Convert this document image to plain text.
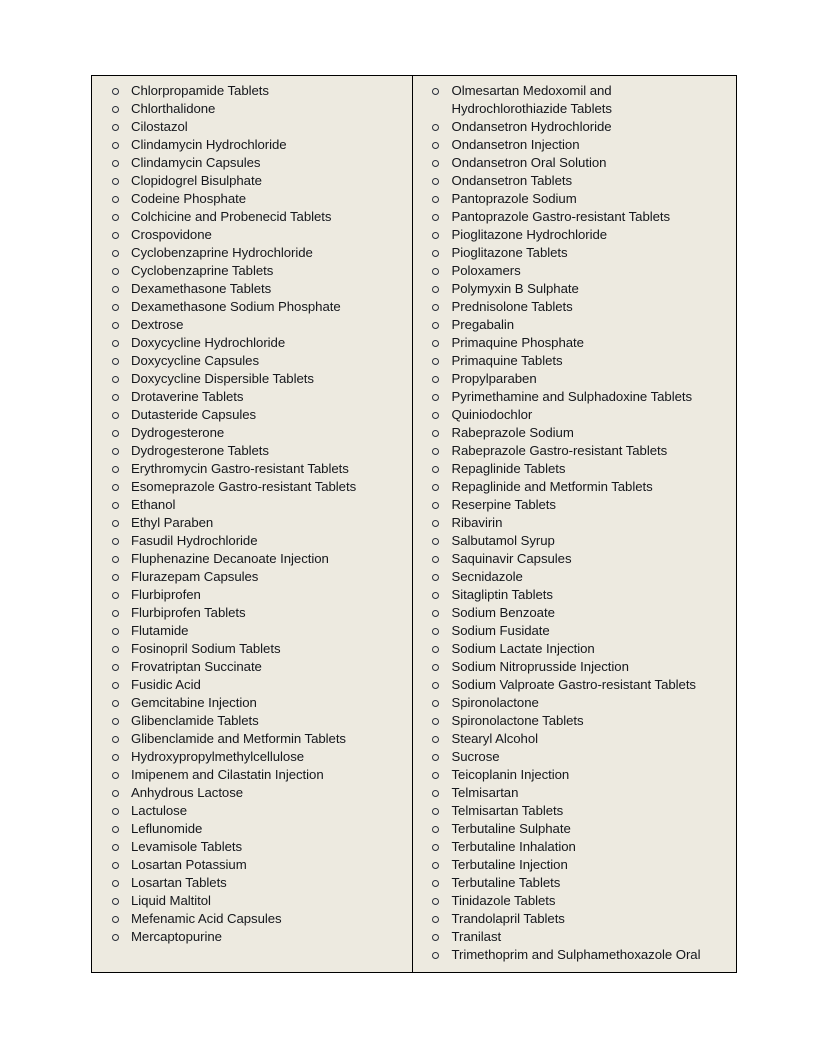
Chlorpropamide Tablets
Chlorthalidone
Cilostazol
Clindamycin Hydrochloride
Clindamycin Capsules
Clopidogrel Bisulphate
Codeine Phosphate
Colchicine and Probenecid Tablets
Crospovidone
Cyclobenzaprine Hydrochloride
Cyclobenzaprine Tablets
Dexamethasone Tablets
Dexamethasone Sodium Phosphate
Dextrose
Doxycycline Hydrochloride
Doxycycline Capsules
Doxycycline Dispersible Tablets
Drotaverine Tablets
Dutasteride Capsules
Dydrogesterone
Dydrogesterone Tablets
Erythromycin Gastro-resistant Tablets
Esomeprazole Gastro-resistant Tablets
Ethanol
Ethyl Paraben
Fasudil Hydrochloride
Fluphenazine Decanoate Injection
Flurazepam Capsules
Flurbiprofen
Flurbiprofen Tablets
Flutamide
Fosinopril Sodium Tablets
Frovatriptan Succinate
Fusidic Acid
Gemcitabine Injection
Glibenclamide Tablets
Glibenclamide and Metformin Tablets
Hydroxypropylmethylcellulose
Imipenem and Cilastatin Injection
Anhydrous Lactose
Lactulose
Leflunomide
Levamisole Tablets
Losartan Potassium
Losartan Tablets
Liquid Maltitol
Mefenamic Acid Capsules
Mercaptopurine
Olmesartan Medoxomil and Hydrochlorothiazide Tablets
Ondansetron Hydrochloride
Ondansetron Injection
Ondansetron Oral Solution
Ondansetron Tablets
Pantoprazole Sodium
Pantoprazole Gastro-resistant Tablets
Pioglitazone Hydrochloride
Pioglitazone Tablets
Poloxamers
Polymyxin B Sulphate
Prednisolone Tablets
Pregabalin
Primaquine Phosphate
Primaquine Tablets
Propylparaben
Pyrimethamine and Sulphadoxine Tablets
Quiniodochlor
Rabeprazole Sodium
Rabeprazole Gastro-resistant Tablets
Repaglinide Tablets
Repaglinide and Metformin Tablets
Reserpine Tablets
Ribavirin
Salbutamol Syrup
Saquinavir Capsules
Secnidazole
Sitagliptin Tablets
Sodium Benzoate
Sodium Fusidate
Sodium Lactate Injection
Sodium Nitroprusside Injection
Sodium Valproate Gastro-resistant Tablets
Spironolactone
Spironolactone Tablets
Stearyl Alcohol
Sucrose
Teicoplanin Injection
Telmisartan
Telmisartan Tablets
Terbutaline Sulphate
Terbutaline Inhalation
Terbutaline Injection
Terbutaline Tablets
Tinidazole Tablets
Trandolapril Tablets
Tranilast
Trimethoprim and Sulphamethoxazole Oral
